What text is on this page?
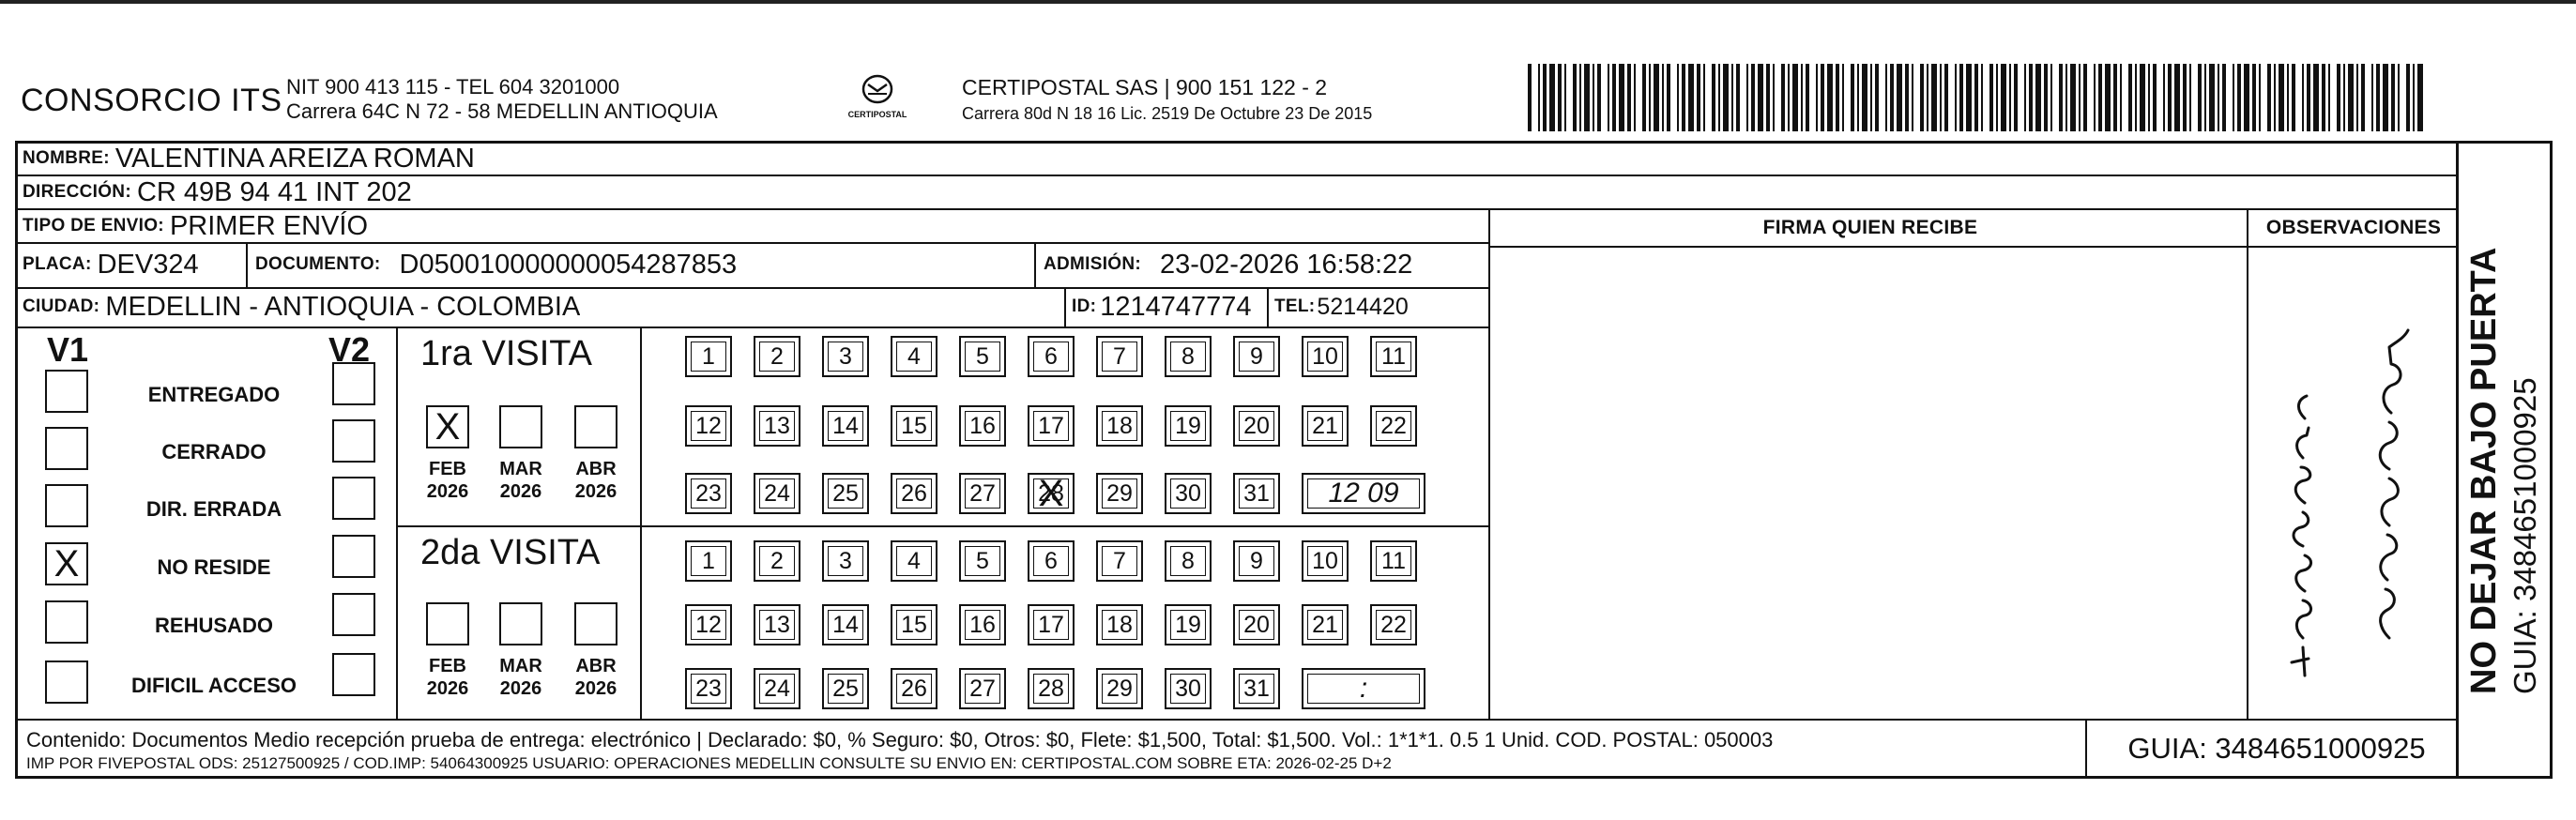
CONSORCIO ITS NIT 900 413 115 - TEL 604 3201000
Carrera 64C N 72 - 58 MEDELLIN ANTIOQUIA	CERTIPOSTAL
CERTIPOSTAL SAS | 900 151 122 - 2
Carrera 80d N 18 16 Lic. 2519 De Octubre 23 De 2015
NOMBRE: VALENTINA AREIZA ROMAN
DIRECCIÓN: CR 49B 94 41 INT 202
TIPO DE ENVIO: PRIMER ENVÍO	FIRMA QUIEN RECIBE	OBSERVACIONES
PLACA: DEV324	DOCUMENTO: D050010000000054287853	ADMISIÓN: 23-02-2026 16:58:22
CIUDAD: MEDELLIN - ANTIOQUIA - COLOMBIA	ID: 1214747774 TEL: 5214420
V1	V2
ENTREGADO
CERRADO
DIR. ERRADA
X	NO RESIDE
REHUSADO
DIFICIL ACCESO
1ra VISITA
2da VISITA
X
FEB
2026
MAR
2026
ABR
2026
FEB
2026
MAR
2026
ABR
2026
1 2 3 4 5 6 7 8 9 10 11
12 13 14 15 16 17 18 19 20 21 22
23 24 25 26 27
X 28 29 30 31	12 09
1 2 3 4 5 6 7 8 9 10 11
12 13 14 15 16 17 18 19 20 21 22
23 24 25 26 27 28 29 30 31	:
Contenido: Documentos Medio recepción prueba de entrega: electrónico | Declarado: $0, % Seguro: $0, Otros: $0, Flete: $1,500, Total: $1,500. Vol.: 1*1*1. 0.5 1 Unid. COD. POSTAL: 050003
IMP POR FIVEPOSTAL ODS: 25127500925 / COD.IMP: 54064300925 USUARIO: OPERACIONES MEDELLIN CONSULTE SU ENVIO EN: CERTIPOSTAL.COM SOBRE ETA: 2026-02-25 D+2	GUIA: 3484651000925
NO DEJAR BAJO PUERTA GUIA: 3484651000925
